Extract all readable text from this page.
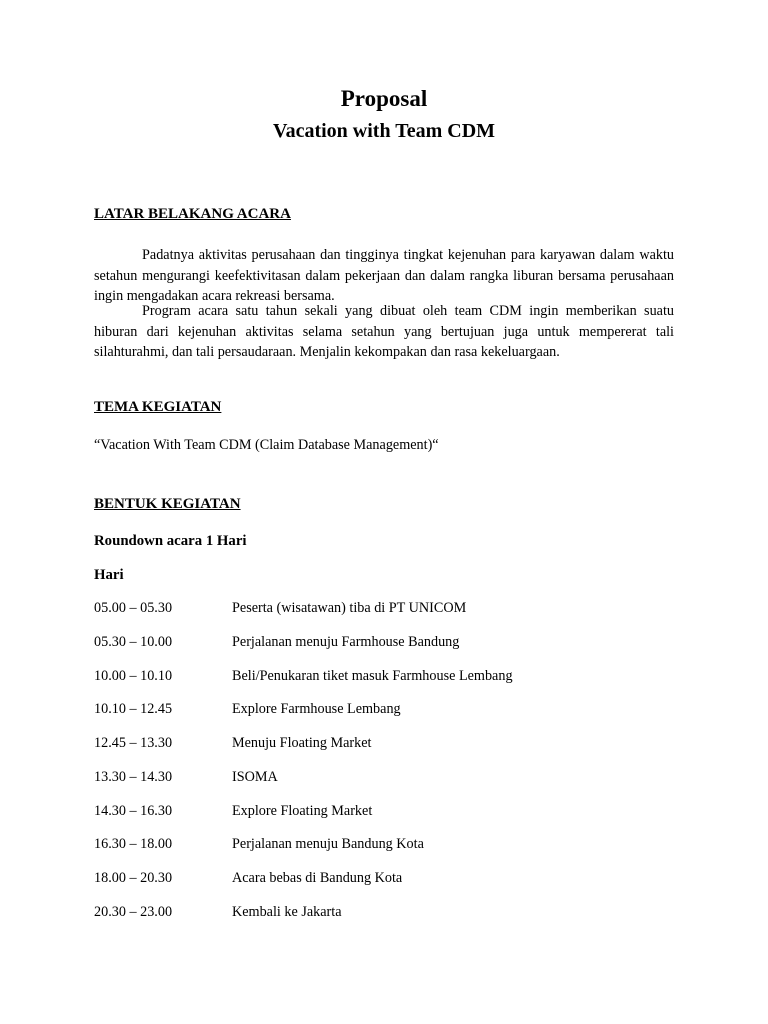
Proposal
Vacation with Team CDM
LATAR BELAKANG ACARA
Padatnya aktivitas perusahaan dan tingginya tingkat kejenuhan para karyawan dalam waktu setahun mengurangi keefektivitasan dalam pekerjaan dan dalam rangka liburan bersama perusahaan ingin mengadakan acara rekreasi bersama.
Program acara satu tahun sekali yang dibuat oleh team CDM ingin memberikan suatu hiburan dari kejenuhan aktivitas selama setahun yang bertujuan juga untuk mempererat tali silahturahmi, dan tali persaudaraan. Menjalin kekompakan dan rasa kekeluargaan.
TEMA KEGIATAN
“Vacation With Team CDM (Claim Database Management)“
BENTUK KEGIATAN
Roundown acara 1 Hari
Hari
05.00 – 05.30	Peserta (wisatawan) tiba di PT UNICOM
05.30 – 10.00	Perjalanan menuju Farmhouse Bandung
10.00 – 10.10	Beli/Penukaran tiket masuk Farmhouse Lembang
10.10 – 12.45	Explore Farmhouse Lembang
12.45 – 13.30	Menuju Floating Market
13.30 – 14.30	ISOMA
14.30 – 16.30	Explore Floating Market
16.30 – 18.00	Perjalanan menuju Bandung Kota
18.00 – 20.30	Acara bebas di Bandung Kota
20.30 – 23.00	Kembali ke Jakarta
